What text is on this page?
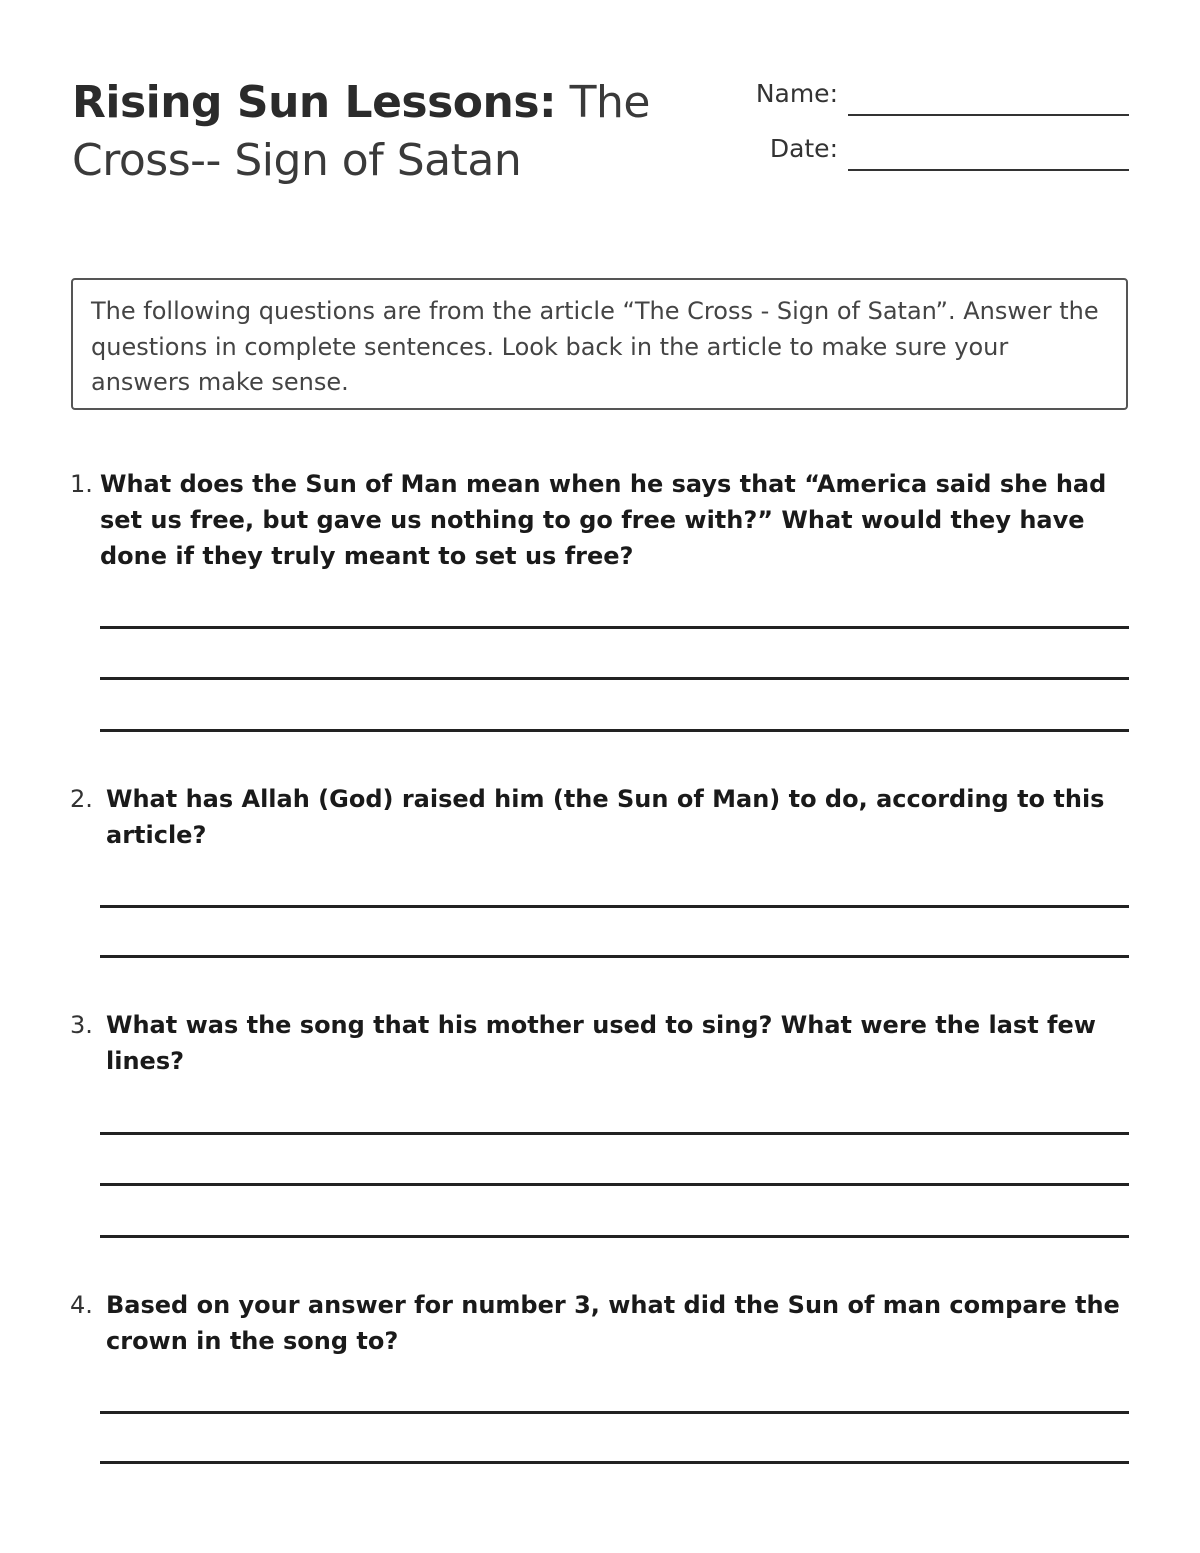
Rising Sun Lessons: The Cross-- Sign of Satan
Name:
Date:
The following questions are from the article “The Cross - Sign of Satan”. Answer the questions in complete sentences. Look back in the article to make sure your answers make sense.
1. What does the Sun of Man mean when he says that “America said she had set us free, but gave us nothing to go free with?” What would they have done if they truly meant to set us free?
2. What has Allah (God) raised him (the Sun of Man) to do, according to this article?
3. What was the song that his mother used to sing? What were the last few lines?
4. Based on your answer for number 3, what did the Sun of man compare the crown in the song to?
